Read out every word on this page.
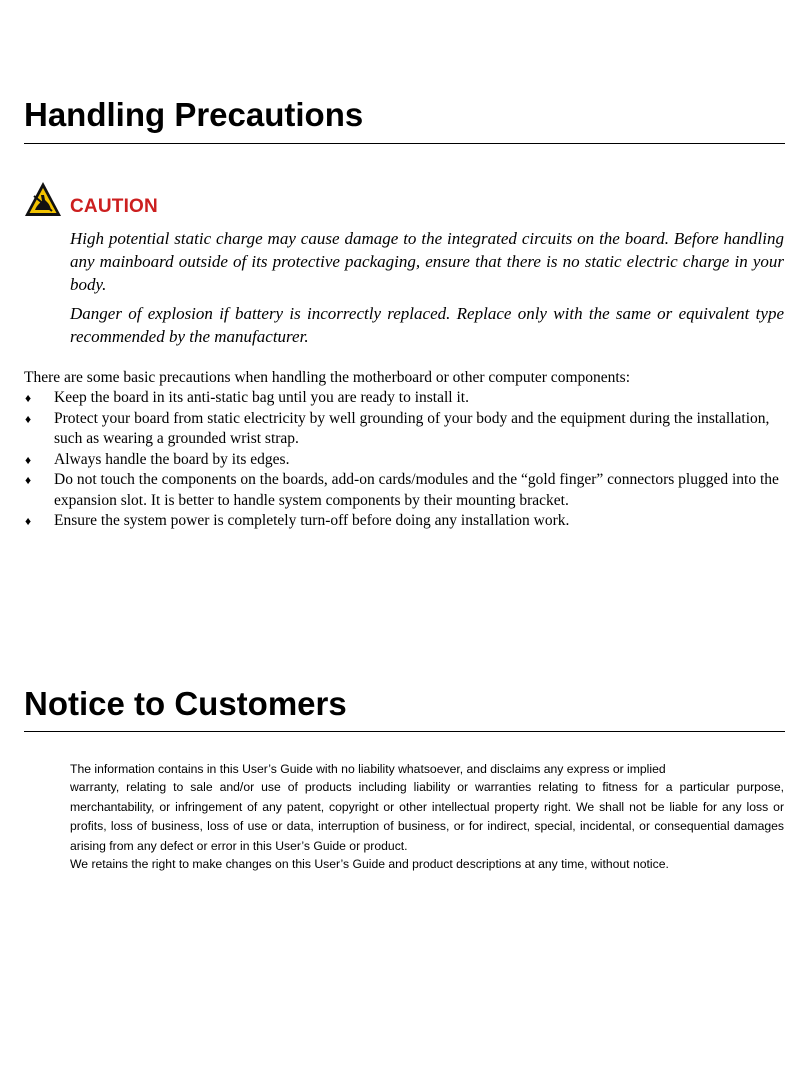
Handling Precautions
CAUTION

High potential static charge may cause damage to the integrated circuits on the board. Before handling any mainboard outside of its protective packaging, ensure that there is no static electric charge in your body.

Danger of explosion if battery is incorrectly replaced. Replace only with the same or equivalent type recommended by the manufacturer.

There are some basic precautions when handling the motherboard or other computer components:

♦ Keep the board in its anti-static bag until you are ready to install it.
♦ Protect your board from static electricity by well grounding of your body and the equipment during the installation, such as wearing a grounded wrist strap.
♦ Always handle the board by its edges.
♦ Do not touch the components on the boards, add-on cards/modules and the “gold finger” connectors plugged into the expansion slot. It is better to handle system components by their mounting bracket.
♦ Ensure the system power is completely turn-off before doing any installation work.
Notice to Customers

The information contains in this User’s Guide with no liability whatsoever, and disclaims any express or implied

warranty, relating to sale and/or use of products including liability or warranties relating to fitness for a particular purpose, merchantability, or infringement of any patent, copyright or other intellectual property right. We shall not be liable for any loss or profits, loss of business, loss of use or data, interruption of business, or for indirect, special, incidental, or consequential damages arising from any defect or error in this User’s Guide or product.

We retains the right to make changes on this User’s Guide and product descriptions at any time, without notice.
